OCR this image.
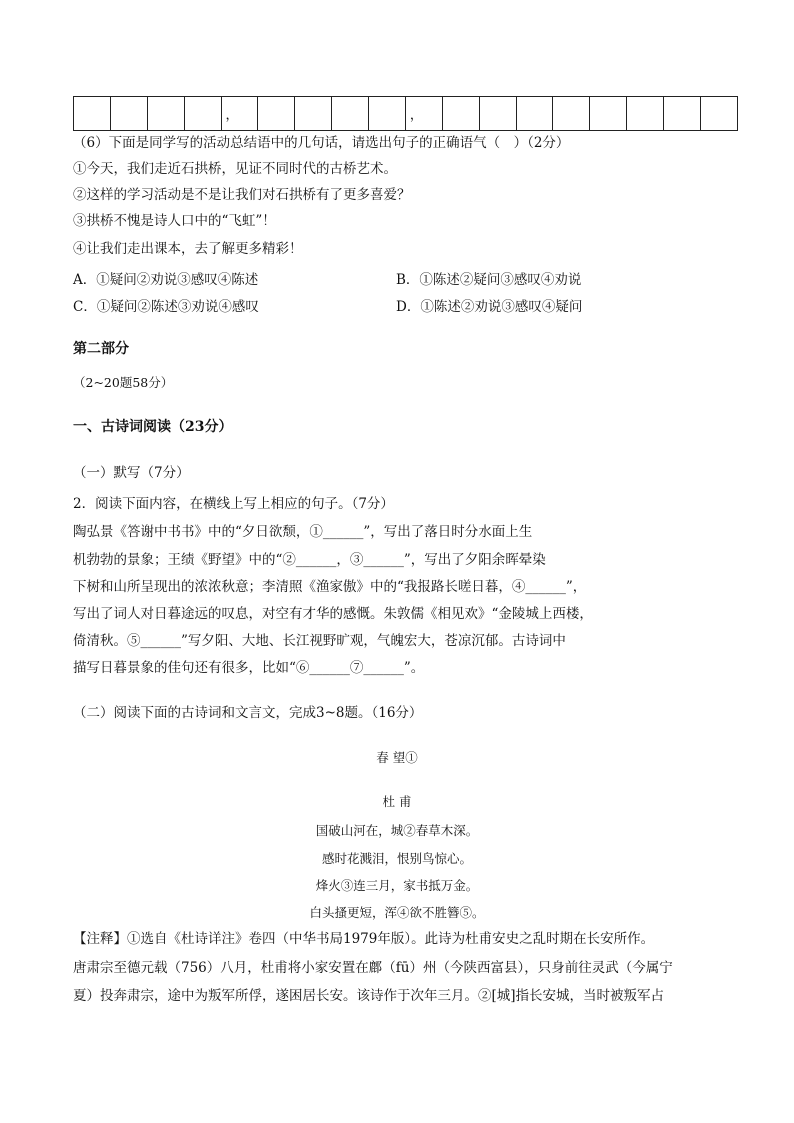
				，					，								
（6）下面是同学写的活动总结语中的几句话，请选出句子的正确语气（　）（2分）
①今天，我们走近石拱桥，见证不同时代的古桥艺术。
②这样的学习活动是不是让我们对石拱桥有了更多喜爱？
③拱桥不愧是诗人口中的“飞虹”！
④让我们走出课本，去了解更多精彩！
A．①疑问②劝说③感叹④陈述	B．①陈述②疑问③感叹④劝说
C．①疑问②陈述③劝说④感叹	D．①陈述②劝说③感叹④疑问
第二部分
（2~20题58分）
一、古诗词阅读（23分）
（一）默写（7分）
2．阅读下面内容，在横线上写上相应的句子。（7分）
陶弘景《答谢中书书》中的“夕日欲颓，①______”，写出了落日时分水面上生
机勃勃的景象；王绩《野望》中的“②______，③______”，写出了夕阳余晖晕染
下树和山所呈现出的浓浓秋意；李清照《渔家傲》中的“我报路长嗟日暮，④______”，
写出了词人对日暮途远的叹息，对空有才华的感慨。朱敦儒《相见欢》“金陵城上西楼，
倚清秋。⑤______”写夕阳、大地、长江视野旷观，气魄宏大，苍凉沉郁。古诗词中
描写日暮景象的佳句还有很多，比如“⑥______⑦______”。
（二）阅读下面的古诗词和文言文，完成3~8题。（16分）
春 望①
杜 甫
国破山河在，城②春草木深。
感时花溅泪，恨别鸟惊心。
烽火③连三月，家书抵万金。
白头搔更短，浑④欲不胜簪⑤。
【注释】①选自《杜诗详注》卷四（中华书局1979年版）。此诗为杜甫安史之乱时期在长安所作。
唐肃宗至德元载（756）八月，杜甫将小家安置在鄜（fū）州（今陕西富县），只身前往灵武（今属宁
夏）投奔肃宗，途中为叛军所俘，遂困居长安。该诗作于次年三月。②[城]指长安城，当时被叛军占
